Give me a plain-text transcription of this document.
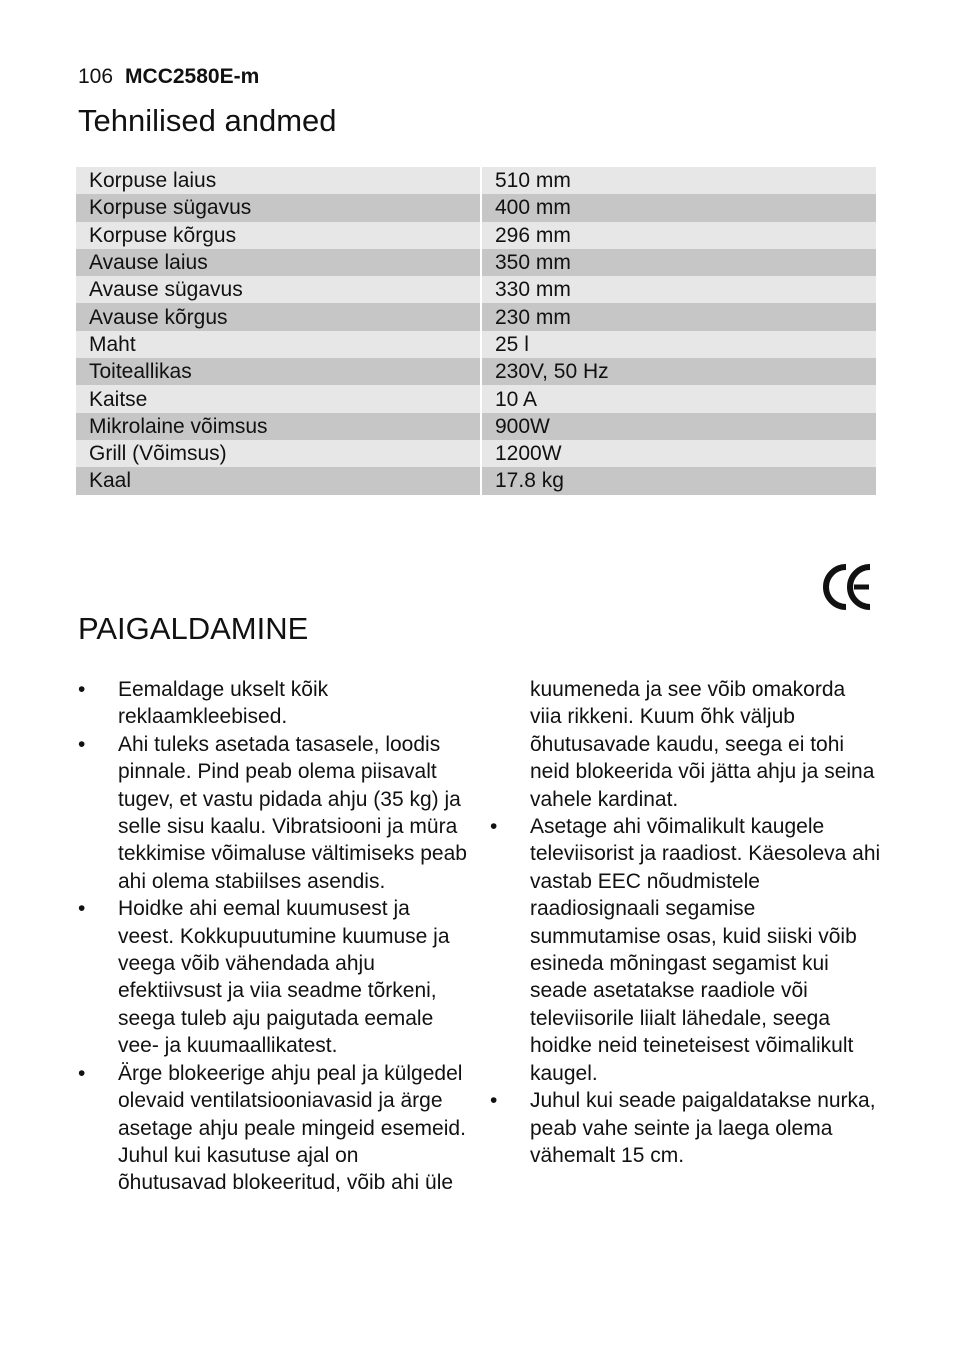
106 MCC2580E-m
Tehnilised andmed
Korpuse laius	510 mm
Korpuse sügavus	400 mm
Korpuse kõrgus	296 mm
Avause laius	350 mm
Avause sügavus	330 mm
Avause kõrgus	230 mm
Maht	25 l
Toiteallikas	230V, 50 Hz
Kaitse	10 A
Mikrolaine võimsus	900W
Grill (Võimsus)	1200W
Kaal	17.8 kg
PAIGALDAMINE
•	Eemaldage ukselt kõik reklaamkleebised.
•	Ahi tuleks asetada tasasele, loodis pinnale. Pind peab olema piisavalt tugev, et vastu pidada ahju (35 kg) ja selle sisu kaalu. Vibratsiooni ja müra tekkimise võimaluse vältimiseks peab ahi olema stabiilses asendis.
•	Hoidke ahi eemal kuumusest ja veest. Kokkupuutumine kuumuse ja veega võib vähendada ahju efektiivsust ja viia seadme tõrkeni, seega tuleb aju paigutada eemale vee- ja kuumaallikatest.
•	Ärge blokeerige ahju peal ja külgedel olevaid ventilatsiooniavasid ja ärge asetage ahju peale mingeid esemeid. Juhul kui kasutuse ajal on õhutusavad blokeeritud, võib ahi üle
kuumeneda ja see võib omakorda viia rikkeni. Kuum õhk väljub õhutusavade kaudu, seega ei tohi neid blokeerida või jätta ahju ja seina vahele kardinat.
•	Asetage ahi võimalikult kaugele televiisorist ja raadiost. Käesoleva ahi vastab EEC nõudmistele raadiosignaali segamise summutamise osas, kuid siiski võib esineda mõningast segamist kui seade asetatakse raadiole või televiisorile liialt lähedale, seega hoidke neid teineteisest võimalikult kaugel.
•	Juhul kui seade paigaldatakse nurka, peab vahe seinte ja laega olema vähemalt 15 cm.
